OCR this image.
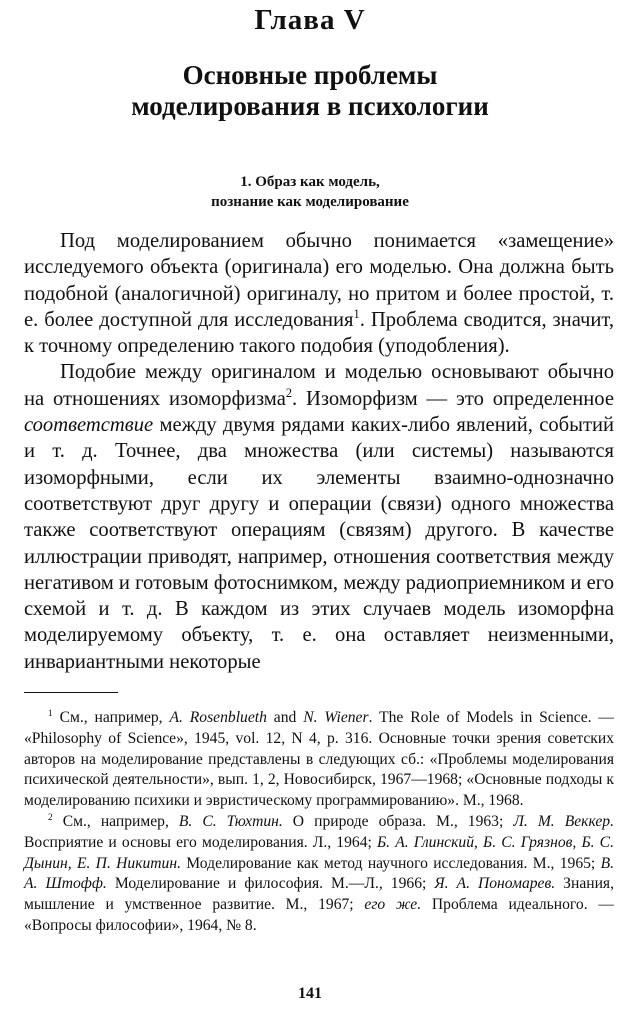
Глава V
Основные проблемы
моделирования в психологии
1. Образ как модель,
познание как моделирование

Под моделированием обычно понимается «замещение» исследуемого объекта (оригинала) его моделью. Она должна быть подобной (аналогичной) оригиналу, но притом и более простой, т. е. более доступной для исследования$^1$. Проблема сводится, значит, к точному определению такого подобия (уподобления).

Подобие между оригиналом и моделью основывают обычно на отношениях изоморфизма$^2$. Изоморфизм — это определенное соответствие между двумя рядами каких-либо явлений, событий и т. д. Точнее, два множества (или системы) называются изоморфными, если их элементы взаимно-однозначно соответствуют друг другу и операции (связи) одного множества также соответствуют операциям (связям) другого. В качестве иллюстрации приводят, например, отношения соответствия между негативом и готовым фотоснимком, между радиоприемником и его схемой и т. д. В каждом из этих случаев модель изоморфна моделируемому объекту, т. е. она оставляет неизменными, инвариантными некоторые

$^1$ См., например, A. Rosenblueth and N. Wiener. The Role of Models in Science. — «Philosophy of Science», 1945, vol. 12, N 4, p. 316. Основные точки зрения советских авторов на моделирование представлены в следующих сб.: «Проблемы моделирования психической деятельности», вып. 1, 2, Новосибирск, 1967—1968; «Основные подходы к моделированию психики и эвристическому программированию». М., 1968.

$^2$ См., например, В. С. Тюхтин. О природе образа. М., 1963; Л. М. Веккер. Восприятие и основы его моделирования. Л., 1964; Б. А. Глинский, Б. С. Грязнов, Б. С. Дынин, Е. П. Никитин. Моделирование как метод научного исследования. М., 1965; В. А. Штофф. Моделирование и философия. М.—Л., 1966; Я. А. Пономарев. Знания, мышление и умственное развитие. М., 1967; его же. Проблема идеального. — «Вопросы философии», 1964, № 8.

141
